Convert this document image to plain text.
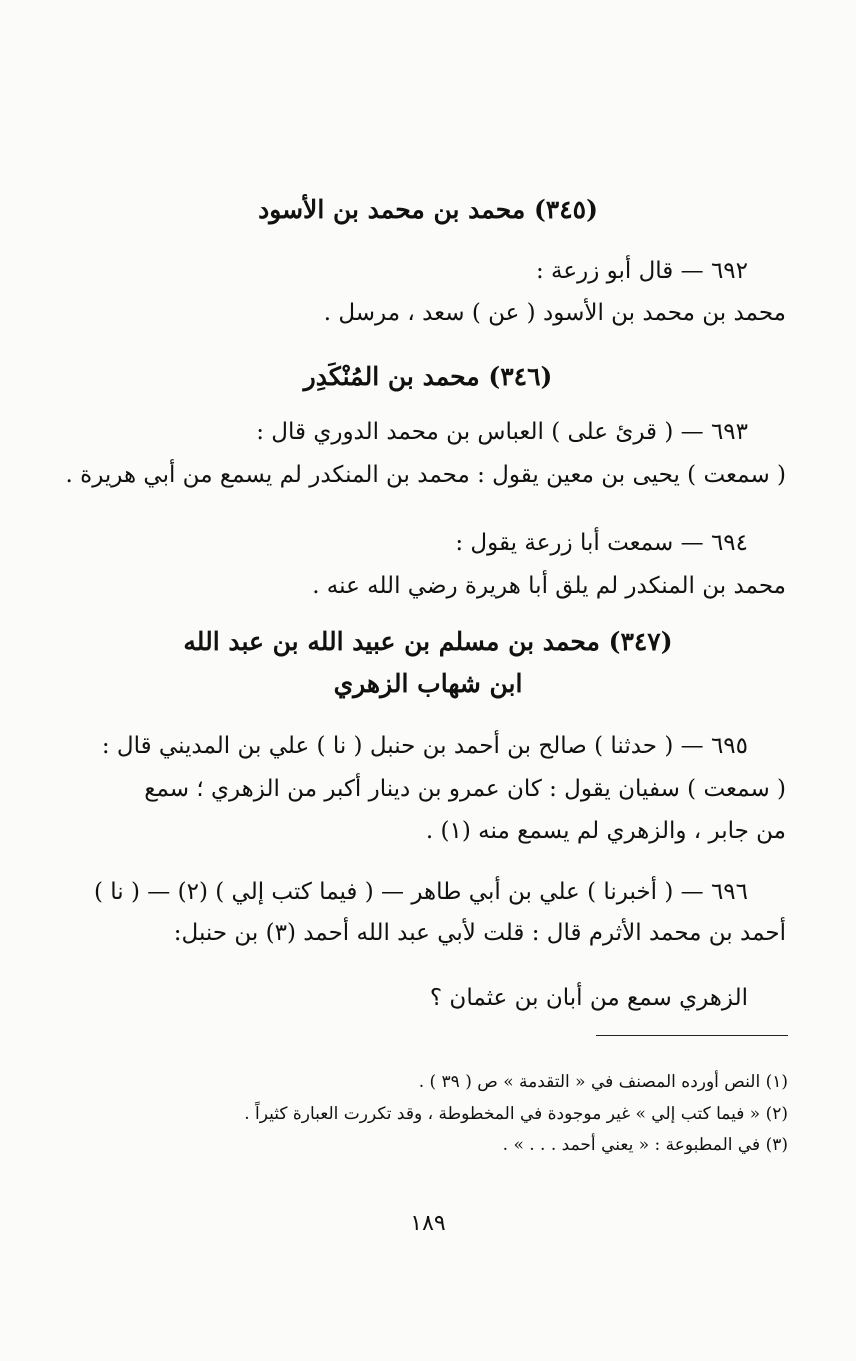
(٣٤٥) محمد بن محمد بن الأسود
٦٩٢ — قال أبو زرعة :
محمد بن محمد بن الأسود ( عن ) سعد ، مرسل .
(٣٤٦) محمد بن المُنْكَدِر
٦٩٣ — ( قرئ على ) العباس بن محمد الدوري قال :
( سمعت ) يحيى بن معين يقول : محمد بن المنكدر لم يسمع من أبي هريرة .
٦٩٤ — سمعت أبا زرعة يقول :
محمد بن المنكدر لم يلق أبا هريرة رضي الله عنه .
(٣٤٧) محمد بن مسلم بن عبيد الله بن عبد الله
ابن شهاب الزهري
٦٩٥ — ( حدثنا ) صالح بن أحمد بن حنبل ( نا ) علي بن المديني قال :
( سمعت ) سفيان يقول : كان عمرو بن دينار أكبر من الزهري ؛ سمع
من جابر ، والزهري لم يسمع منه (١) .
٦٩٦ — ( أخبرنا ) علي بن أبي طاهر — ( فيما كتب إلي ) (٢) — ( نا )
أحمد بن محمد الأثرم قال : قلت لأبي عبد الله أحمد (٣) بن حنبل:
الزهري سمع من أبان بن عثمان ؟
(١) النص أورده المصنف في « التقدمة » ص ( ٣٩ ) .
(٢) « فيما كتب إلي » غير موجودة في المخطوطة ، وقد تكررت العبارة كثيراً .
(٣) في المطبوعة : « يعني أحمد . . . » .
١٨٩
